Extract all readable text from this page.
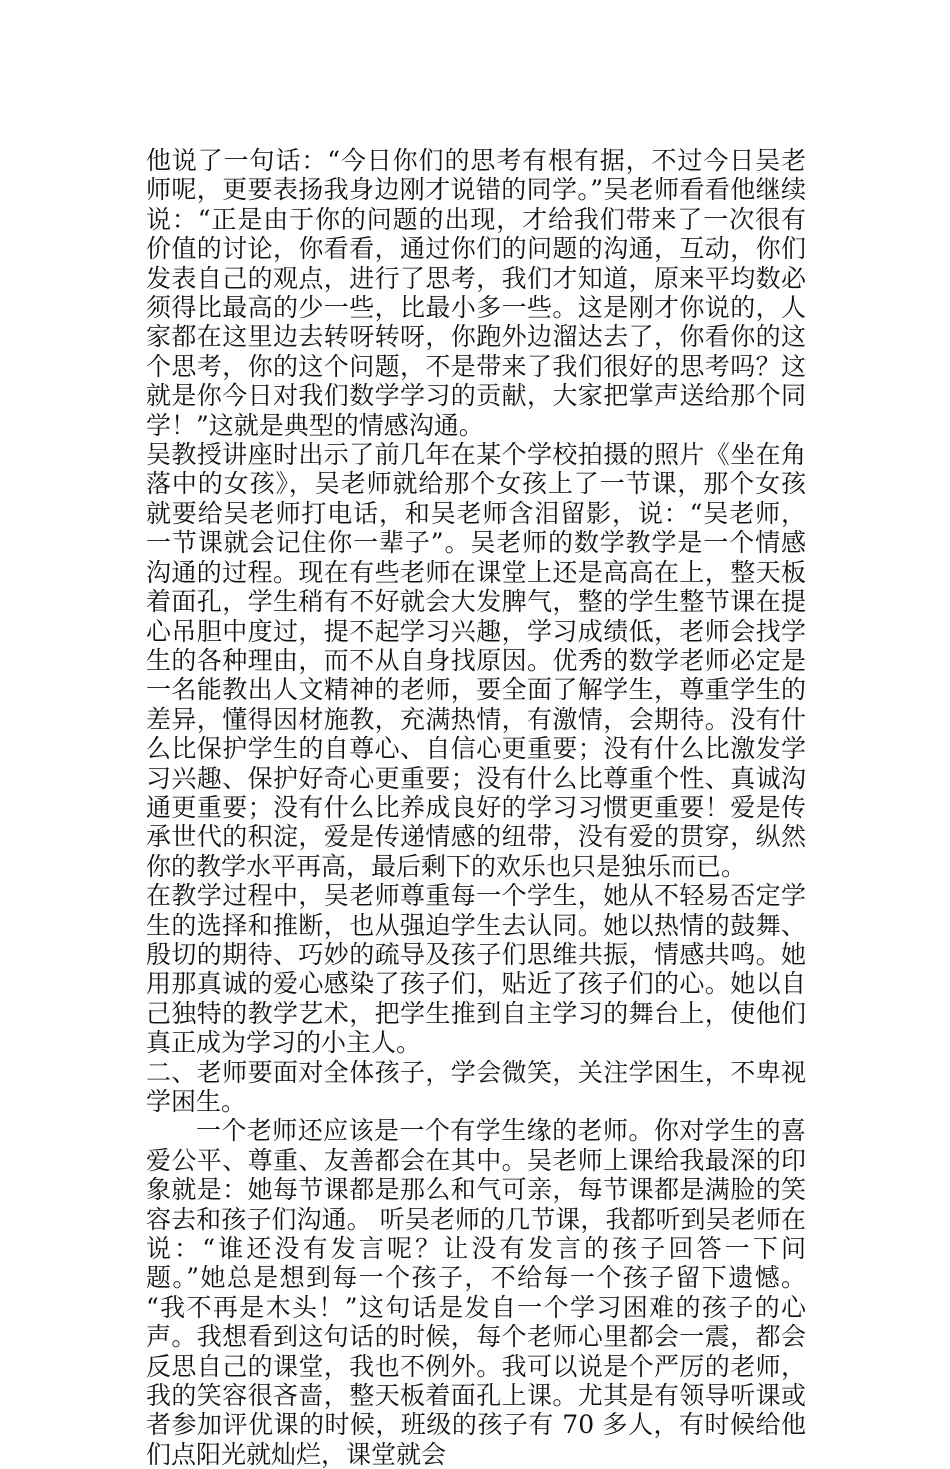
他说了一句话：“今日你们的思考有根有据，不过今日吴老师呢，更要表扬我身边刚才说错的同学。”吴老师看看他继续说：“正是由于你的问题的出现，才给我们带来了一次很有价值的讨论，你看看，通过你们的问题的沟通，互动，你们发表自己的观点，进行了思考，我们才知道，原来平均数必须得比最高的少一些，比最小多一些。这是刚才你说的，人家都在这里边去转呀转呀，你跑外边溜达去了，你看你的这个思考，你的这个问题，不是带来了我们很好的思考吗？这就是你今日对我们数学学习的贡献，大家把掌声送给那个同学！”这就是典型的情感沟通。

吴教授讲座时出示了前几年在某个学校拍摄的照片《坐在角落中的女孩》，吴老师就给那个女孩上了一节课，那个女孩就要给吴老师打电话，和吴老师含泪留影，说：“吴老师，一节课就会记住你一辈子”。吴老师的数学教学是一个情感沟通的过程。现在有些老师在课堂上还是高高在上，整天板着面孔，学生稍有不好就会大发脾气，整的学生整节课在提心吊胆中度过，提不起学习兴趣，学习成绩低，老师会找学生的各种理由，而不从自身找原因。优秀的数学老师必定是一名能教出人文精神的老师，要全面了解学生，尊重学生的差异，懂得因材施教，充满热情，有激情，会期待。没有什么比保护学生的自尊心、自信心更重要；没有什么比激发学习兴趣、保护好奇心更重要；没有什么比尊重个性、真诚沟通更重要；没有什么比养成良好的学习习惯更重要！爱是传承世代的积淀，爱是传递情感的纽带，没有爱的贯穿，纵然你的教学水平再高，最后剩下的欢乐也只是独乐而已。

在教学过程中，吴老师尊重每一个学生，她从不轻易否定学生的选择和推断，也从强迫学生去认同。她以热情的鼓舞、殷切的期待、巧妙的疏导及孩子们思维共振，情感共鸣。她用那真诚的爱心感染了孩子们，贴近了孩子们的心。她以自己独特的教学艺术，把学生推到自主学习的舞台上，使他们真正成为学习的小主人。

二、老师要面对全体孩子，学会微笑，关注学困生，不卑视学困生。

一个老师还应该是一个有学生缘的老师。你对学生的喜爱公平、尊重、友善都会在其中。吴老师上课给我最深的印象就是：她每节课都是那么和气可亲，每节课都是满脸的笑容去和孩子们沟通。 听吴老师的几节课，我都听到吴老师在说：“谁还没有发言呢？让没有发言的孩子回答一下问题。”她总是想到每一个孩子，不给每一个孩子留下遗憾。 “我不再是木头！”这句话是发自一个学习困难的孩子的心声。我想看到这句话的时候，每个老师心里都会一震，都会反思自己的课堂，我也不例外。我可以说是个严厉的老师，我的笑容很吝啬，整天板着面孔上课。尤其是有领导听课或者参加评优课的时候，班级的孩子有 70 多人，有时候给他们点阳光就灿烂，课堂就会
